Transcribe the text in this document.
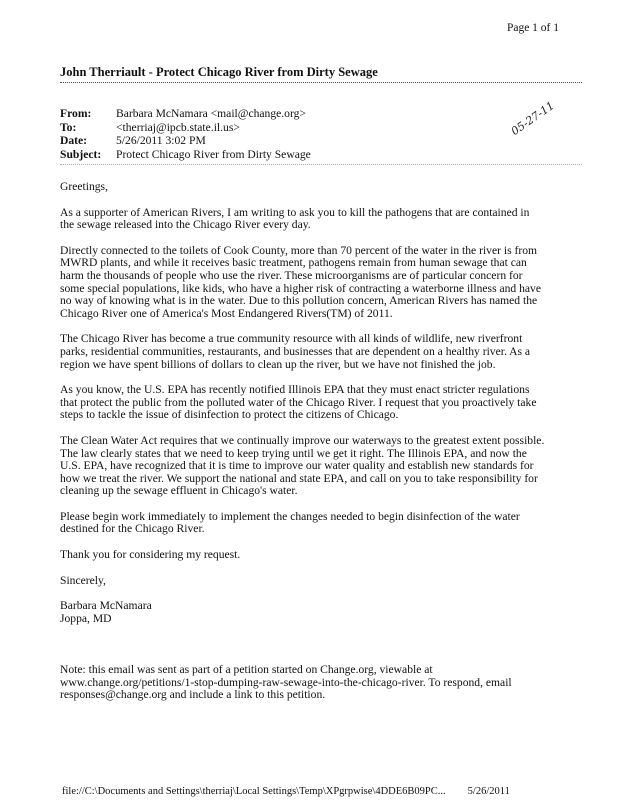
Page 1 of 1
John Therriault - Protect Chicago River from Dirty Sewage
From:	Barbara McNamara <mail@change.org>
To:	<therriaj@ipcb.state.il.us>
Date:	5/26/2011 3:02 PM
Subject:	Protect Chicago River from Dirty Sewage
05-27-11

Greetings,

As a supporter of American Rivers, I am writing to ask you to kill the pathogens that are contained in
the sewage released into the Chicago River every day.

Directly connected to the toilets of Cook County, more than 70 percent of the water in the river is from
MWRD plants, and while it receives basic treatment, pathogens remain from human sewage that can
harm the thousands of people who use the river. These microorganisms are of particular concern for
some special populations, like kids, who have a higher risk of contracting a waterborne illness and have
no way of knowing what is in the water. Due to this pollution concern, American Rivers has named the
Chicago River one of America's Most Endangered Rivers(TM) of 2011.

The Chicago River has become a true community resource with all kinds of wildlife, new riverfront
parks, residential communities, restaurants, and businesses that are dependent on a healthy river. As a
region we have spent billions of dollars to clean up the river, but we have not finished the job.

As you know, the U.S. EPA has recently notified Illinois EPA that they must enact stricter regulations
that protect the public from the polluted water of the Chicago River. I request that you proactively take
steps to tackle the issue of disinfection to protect the citizens of Chicago.

The Clean Water Act requires that we continually improve our waterways to the greatest extent possible.
The law clearly states that we need to keep trying until we get it right. The Illinois EPA, and now the
U.S. EPA, have recognized that it is time to improve our water quality and establish new standards for
how we treat the river. We support the national and state EPA, and call on you to take responsibility for
cleaning up the sewage effluent in Chicago's water.

Please begin work immediately to implement the changes needed to begin disinfection of the water
destined for the Chicago River.

Thank you for considering my request.

Sincerely,

Barbara McNamara
Joppa, MD

Note: this email was sent as part of a petition started on Change.org, viewable at
www.change.org/petitions/1-stop-dumping-raw-sewage-into-the-chicago-river. To respond, email
responses@change.org and include a link to this petition.

file://C:\Documents and Settings\therriaj\Local Settings\Temp\XPgrpwise\4DDE6B09PC... 5/26/2011
